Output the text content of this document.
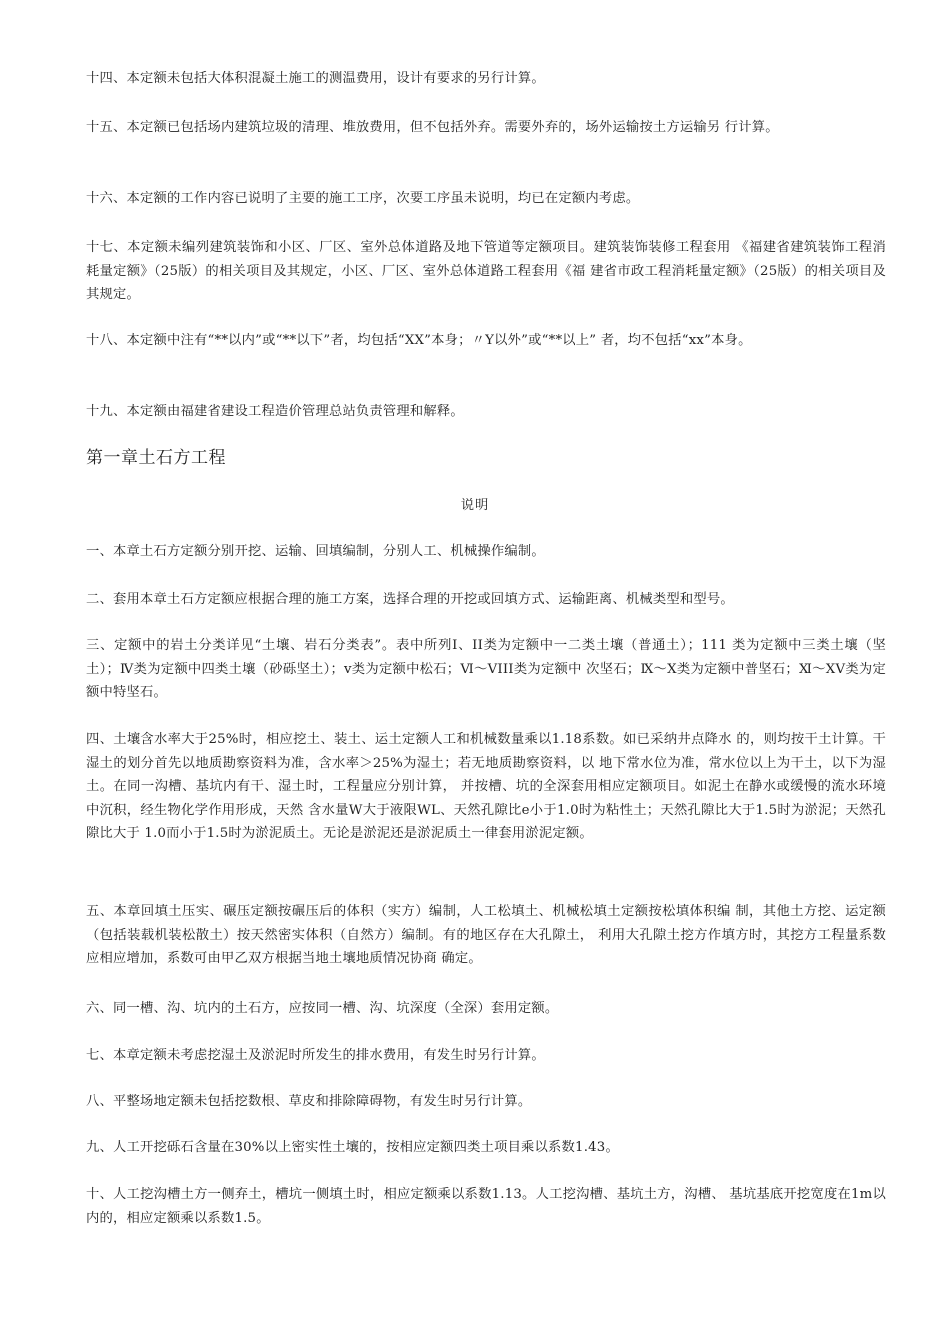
十四、本定额未包括大体积混凝土施工的测温费用，设计有要求的另行计算。

十五、本定额已包括场内建筑垃圾的清理、堆放费用，但不包括外弃。需要外弃的，场外运输按土方运输另 行计算。

十六、本定额的工作内容已说明了主要的施工工序，次要工序虽未说明，均已在定额内考虑。

十七、本定额未编列建筑装饰和小区、厂区、室外总体道路及地下管道等定额项目。建筑装饰装修工程套用 《福建省建筑装饰工程消耗量定额》（25版）的相关项目及其规定，小区、厂区、室外总体道路工程套用《福 建省市政工程消耗量定额》（25版）的相关项目及其规定。

十八、本定额中注有“**以内”或“**以下”者，均包括“XX”本身；〃Y以外”或“**以上” 者，均不包括“xx”本身。

十九、本定额由福建省建设工程造价管理总站负责管理和解释。

第一章土石方工程
说明

一、本章土石方定额分别开挖、运输、回填编制，分别人工、机械操作编制。

二、套用本章土石方定额应根据合理的施工方案，选择合理的开挖或回填方式、运输距离、机械类型和型号。

三、定额中的岩土分类详见“土壤、岩石分类表”。表中所列Ⅰ、II类为定额中一二类土壤（普通土）；111 类为定额中三类土壤（坚土）；Ⅳ类为定额中四类土壤（砂砾坚土）；v类为定额中松石；Ⅵ〜VIII类为定额中 次坚石；Ⅸ〜Ⅹ类为定额中普坚石；Ⅺ〜ⅩV类为定额中特坚石。

四、土壤含水率大于25%时，相应挖土、装土、运土定额人工和机械数量乘以1.18系数。如已采纳井点降水 的，则均按干土计算。干湿土的划分首先以地质勘察资料为准，含水率＞25%为湿土；若无地质勘察资料，以 地下常水位为准，常水位以上为干土，以下为湿土。在同一沟槽、基坑内有干、湿土时，工程量应分别计算， 并按槽、坑的全深套用相应定额项目。如泥土在静水或缓慢的流水环境中沉积，经生物化学作用形成，天然 含水量W大于液限WL、天然孔隙比e小于1.0时为粘性土；天然孔隙比大于1.5时为淤泥；天然孔隙比大于 1.0而小于1.5时为淤泥质土。无论是淤泥还是淤泥质土一律套用淤泥定额。

五、本章回填土压实、碾压定额按碾压后的体积（实方）编制，人工松填土、机械松填土定额按松填体积编 制，其他土方挖、运定额（包括装载机装松散土）按天然密实体积（自然方）编制。有的地区存在大孔隙土， 利用大孔隙土挖方作填方时，其挖方工程量系数应相应增加，系数可由甲乙双方根据当地土壤地质情况协商 确定。

六、同一槽、沟、坑内的土石方，应按同一槽、沟、坑深度（全深）套用定额。

七、本章定额未考虑挖湿土及淤泥时所发生的排水费用，有发生时另行计算。

八、平整场地定额未包括挖数根、草皮和排除障碍物，有发生时另行计算。

九、人工开挖砾石含量在30%以上密实性土壤的，按相应定额四类土项目乘以系数1.43。

十、人工挖沟槽土方一侧弃土，槽坑一侧填土时，相应定额乘以系数1.13。人工挖沟槽、基坑土方，沟槽、 基坑基底开挖宽度在1m以内的，相应定额乘以系数1.5。
